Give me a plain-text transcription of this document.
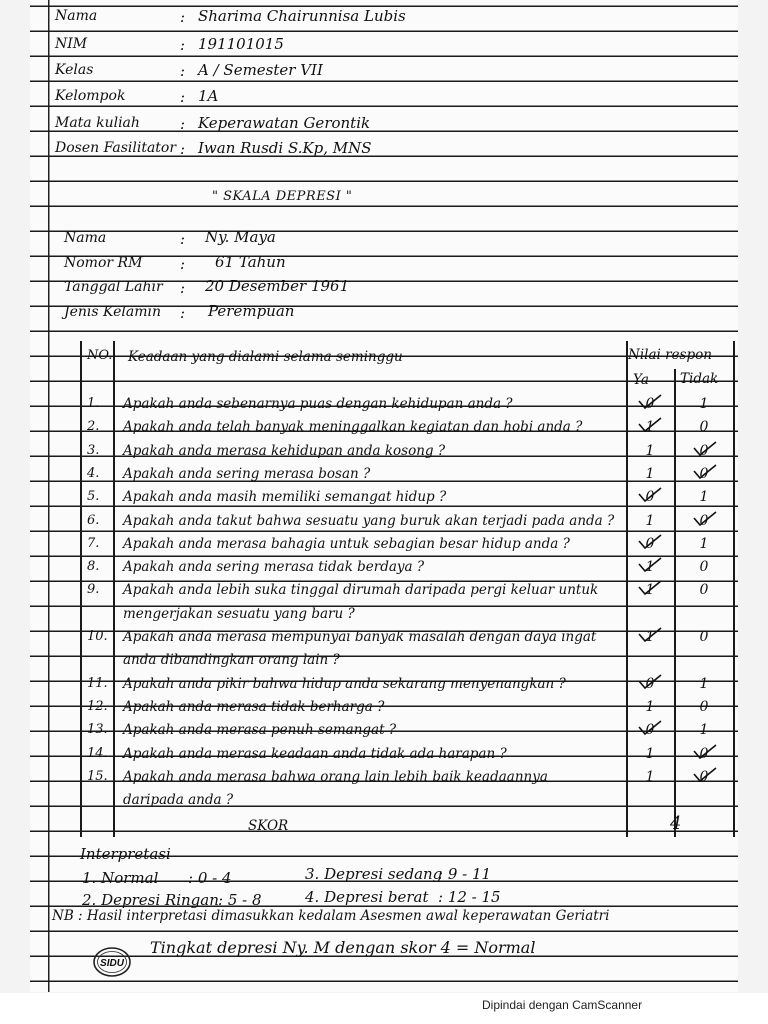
Nama	: Sharima Chairunnisa Lubis
NIM	: 191101015
Kelas	: A / Semester VII
Kelompok	: 1A
Mata kuliah	: Keperawatan Gerontik
Dosen Fasilitator : Iwan Rusdi S.Kp, MNS
" SKALA DEPRESI "
Nama	: Ny. Maya
Nomor RM	: 61 Tahun
Tanggal Lahir : 20 Desember 1961
Jenis Kelamin : Perempuan
NO. Keadaan yang dialami selama seminggu	Nilai respon
Ya Tidak
1. Apakah anda sebenarnya puas dengan kehidupan anda ?	0	1
2. Apakah anda telah banyak meninggalkan kegiatan dan hobi anda ?	1	0
3. Apakah anda merasa kehidupan anda kosong ?	1	0
4. Apakah anda sering merasa bosan ?	1	0
5. Apakah anda masih memiliki semangat hidup ?	0	1
6. Apakah anda takut bahwa sesuatu yang buruk akan terjadi pada anda ?	1	0
7. Apakah anda merasa bahagia untuk sebagian besar hidup anda ?	0	1
8. Apakah anda sering merasa tidak berdaya ?	1	0
9. Apakah anda lebih suka tinggal dirumah daripada pergi keluar untuk	1	0
mengerjakan sesuatu yang baru ?
10. Apakah anda merasa mempunyai banyak masalah dengan daya ingat	1	0
anda dibandingkan orang lain ?
11. Apakah anda pikir bahwa hidup anda sekarang menyenangkan ?	0	1
12. Apakah anda merasa tidak berharga ?	1	0
13. Apakah anda merasa penuh semangat ?	0	1
14. Apakah anda merasa keadaan anda tidak ada harapan ?	1	0
15. Apakah anda merasa bahwa orang lain lebih baik keadaannya	1	0
daripada anda ?
SKOR	4
Interpretasi
1. Normal : 0 - 4
2. Depresi Ringan : 5 - 8
3. Depresi sedang
: 9 - 11
4. Depresi berat : 12 - 15
NB : Hasil interpretasi dimasukkan kedalam Asesmen awal keperawatan Geriatri
SIDU
Tingkat depresi Ny. M dengan skor 4 = Normal
Dipindai dengan CamScanner
